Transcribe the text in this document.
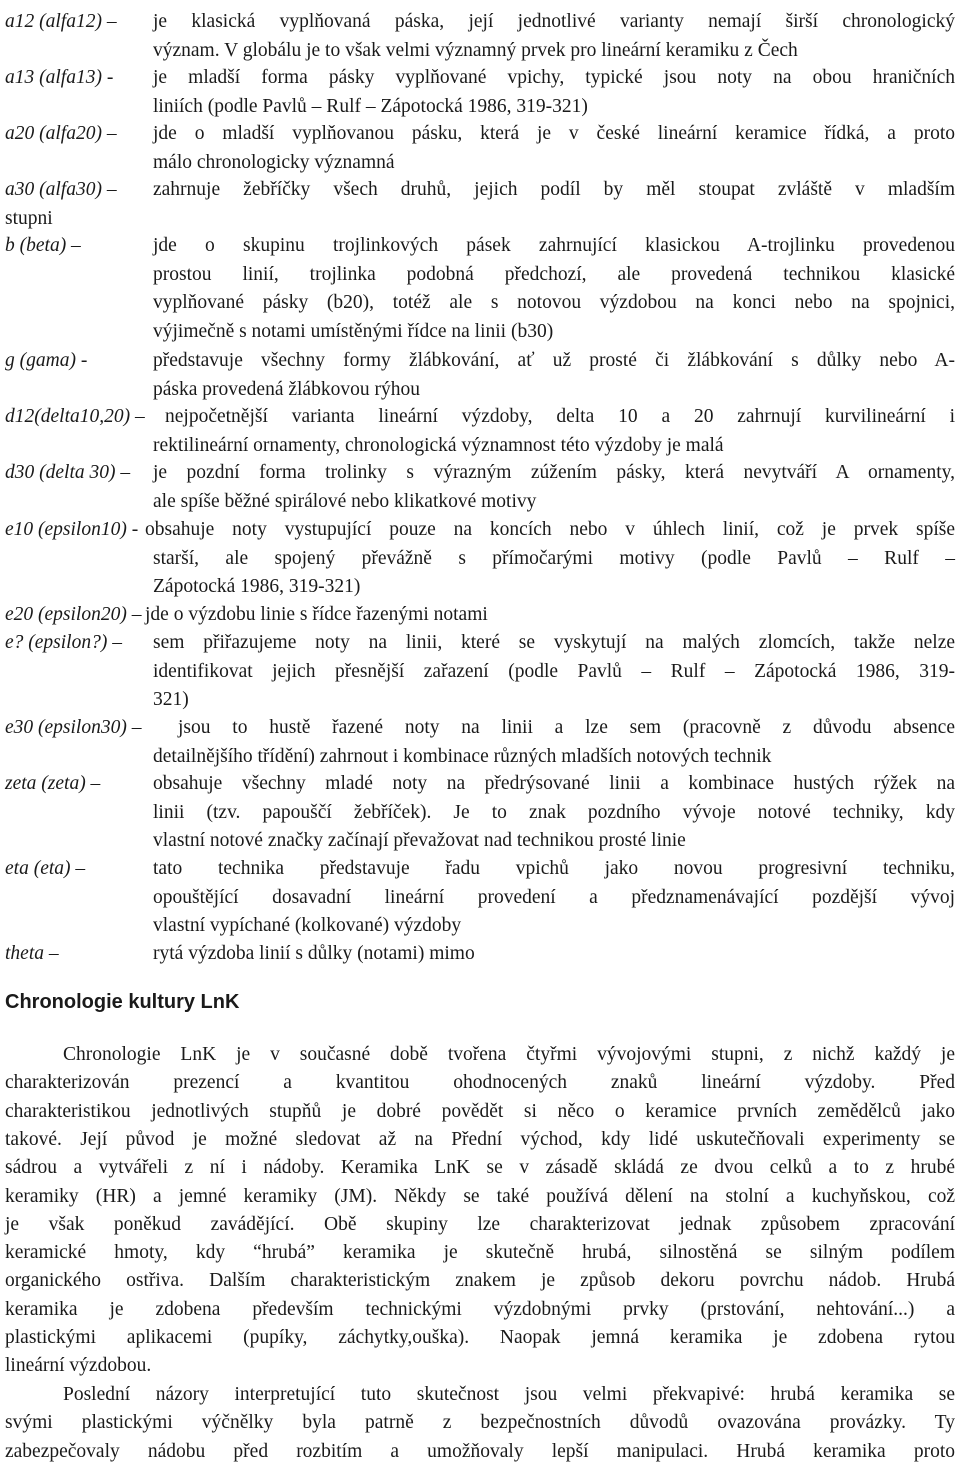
a12 (alfa12) – je klasická vyplňovaná páska, její jednotlivé varianty nemají širší chronologický
význam. V globálu je to však velmi významný prvek pro lineární keramiku z Čech
a13 (alfa13) - je mladší forma pásky vyplňované vpichy, typické jsou noty na obou hraničních
liniích (podle Pavlů – Rulf – Zápotocká 1986, 319-321)
a20 (alfa20) – jde o mladší vyplňovanou pásku, která je v české lineární keramice řídká, a proto
málo chronologicky významná
a30 (alfa30) – zahrnuje žebříčky všech druhů, jejich podíl by měl stoupat zvláště v mladším
stupni
b (beta) –	jde o skupinu trojlinkových pásek zahrnující klasickou A-trojlinku provedenou
prostou linií, trojlinka podobná předchozí, ale provedená technikou klasické
vyplňované pásky (b20), totéž ale s notovou výzdobou na konci nebo na spojnici,
výjimečně s notami umístěnými řídce na linii (b30)
g (gama) -	představuje všechny formy žlábkování, ať už prosté či žlábkování s důlky nebo A-
páska provedená žlábkovou rýhou
d12(delta10,20) – nejpočetnější varianta lineární výzdoby, delta 10 a 20 zahrnují kurvilineární i
rektilineární ornamenty, chronologická významnost této výzdoby je malá
d30 (delta 30) – je pozdní forma trolinky s výrazným zúžením pásky, která nevytváří A ornamenty,
ale spíše běžné spirálové nebo klikatkové motivy
e10 (epsilon10) - obsahuje noty vystupující pouze na koncích nebo v úhlech linií, což je prvek spíše
starší, ale spojený převážně s přímočarými motivy (podle Pavlů – Rulf –
Zápotocká 1986, 319-321)
e20 (epsilon20) – jde o výzdobu linie s řídce řazenými notami
e? (epsilon?) – sem přiřazujeme noty na linii, které se vyskytují na malých zlomcích, takže nelze
identifikovat jejich přesnější zařazení (podle Pavlů – Rulf – Zápotocká 1986, 319-
321)
e30 (epsilon30) – jsou to hustě řazené noty na linii a lze sem (pracovně z důvodu absence
detailnějšího třídění) zahrnout i kombinace různých mladších notových technik
zeta (zeta) –	obsahuje všechny mladé noty na předrýsované linii a kombinace hustých rýžek na
linii (tzv. papouščí žebříček). Je to znak pozdního vývoje notové techniky, kdy
vlastní notové značky začínají převažovat nad technikou prosté linie
eta (eta) –	tato technika představuje řadu vpichů jako novou progresivní techniku,
opouštějící dosavadní lineární provedení a předznamenávající pozdější vývoj
vlastní vypíchané (kolkované) výzdoby
theta –	rytá výzdoba linií s důlky (notami) mimo
Chronologie kultury LnK
Chronologie LnK je v současné době tvořena čtyřmi vývojovými stupni, z nichž každý je
charakterizován prezencí a kvantitou ohodnocených znaků lineární výzdoby. Před
charakteristikou jednotlivých stupňů je dobré povědět si něco o keramice prvních zemědělců jako
takové. Její původ je možné sledovat až na Přední východ, kdy lidé uskutečňovali experimenty se
sádrou a vytvářeli z ní i nádoby. Keramika LnK se v zásadě skládá ze dvou celků a to z hrubé
keramiky (HR) a jemné keramiky (JM). Někdy se také používá dělení na stolní a kuchyňskou, což
je však poněkud zavádějící. Obě skupiny lze charakterizovat jednak způsobem zpracování
keramické hmoty, kdy “hrubá” keramika je skutečně hrubá, silnostěná se silným podílem
organického ostřiva. Dalším charakteristickým znakem je způsob dekoru povrchu nádob. Hrubá
keramika je zdobena především technickými výzdobnými prvky (prstování, nehtování...) a
plastickými aplikacemi (pupíky, záchytky,ouška). Naopak jemná keramika je zdobena rytou
lineární výzdobou.
Poslední názory interpretující tuto skutečnost jsou velmi překvapivé: hrubá keramika se
svými plastickými výčnělky byla patrně z bezpečnostních důvodů ovazována provázky. Ty
zabezpečovaly nádobu před rozbitím a umožňovaly lepší manipulaci. Hrubá keramika proto
